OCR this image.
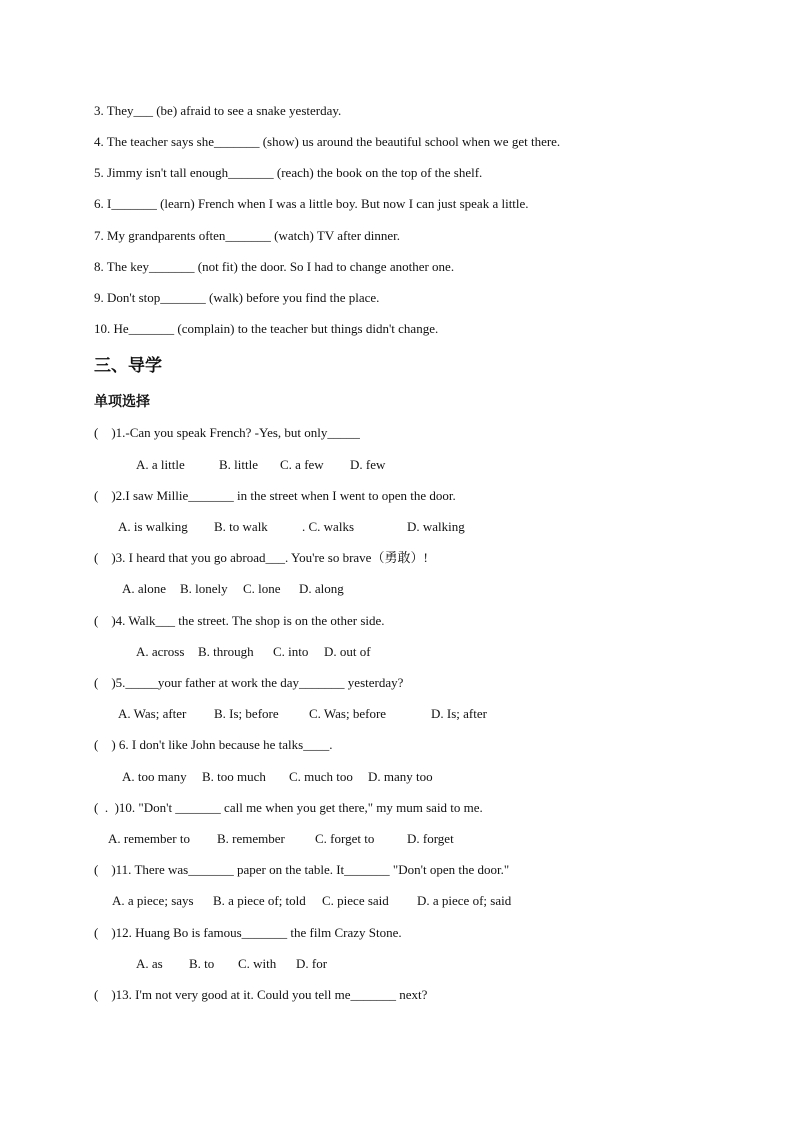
3. They___ (be) afraid to see a snake yesterday.
4. The teacher says she_______ (show) us around the beautiful school when we get there.
5. Jimmy isn't tall enough_______ (reach) the book on the top of the shelf.
6. I_______ (learn) French when I was a little boy. But now I can just speak a little.
7. My grandparents often_______ (watch) TV after dinner.
8. The key_______ (not fit) the door. So I had to change another one.
9. Don't stop_______ (walk) before you find the place.
10. He_______ (complain) to the teacher but things didn't change.
三、导学
单项选择
(    )1.-Can you speak French? -Yes, but only_____
A. a little	B. little C. a few D. few
(    )2.I saw Millie_______ in the street when I went to open the door.
A. is walking B. to walk	. C. walks	D. walking
(    )3. I heard that you go abroad___. You're so brave（勇敢）!
A. alone B. lonely C. lone D. along
(    )4. Walk___ the street. The shop is on the other side.
A. across B. through C. into D. out of
(    )5._____your father at work the day_______ yesterday?
A. Was; after B. Is; before C. Was; before	D. Is; after
(    ) 6. I don't like John because he talks____.
A. too many B. too much C. much too D. many too
(  .  )10. "Don't _______ call me when you get there," my mum said to me.
A. remember to B. remember C. forget to	D. forget
(    )11. There was_______ paper on the table. It_______ "Don't open the door."
A. a piece; says B. a piece of; told C. piece said D. a piece of; said
(    )12. Huang Bo is famous_______ the film Crazy Stone.
A. as B. to C. with D. for
(    )13. I'm not very good at it. Could you tell me_______ next?
